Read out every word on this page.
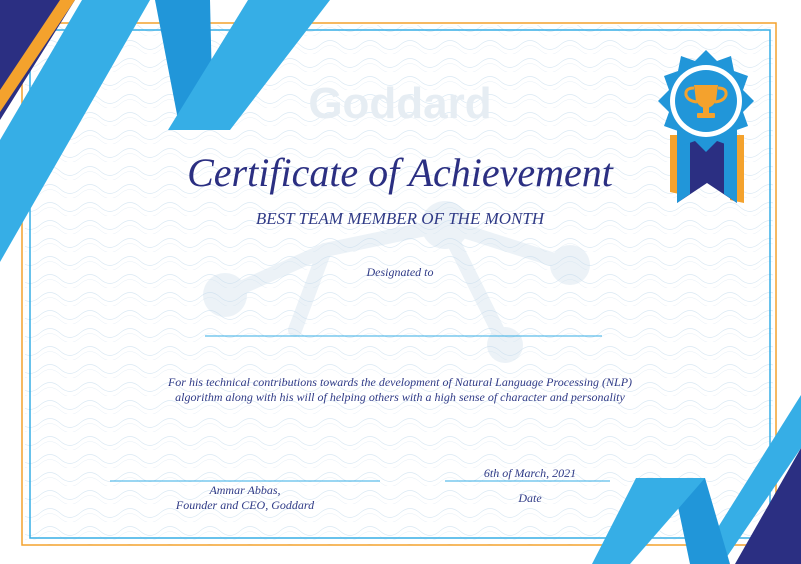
Goddard
Certificate of Achievement
BEST TEAM MEMBER OF THE MONTH
Designated to
For his technical contributions towards the development of Natural Language Processing (NLP) algorithm along with his will of helping others with a high sense of character and personality
Ammar Abbas,
Founder and CEO, Goddard
6th of March, 2021
Date
